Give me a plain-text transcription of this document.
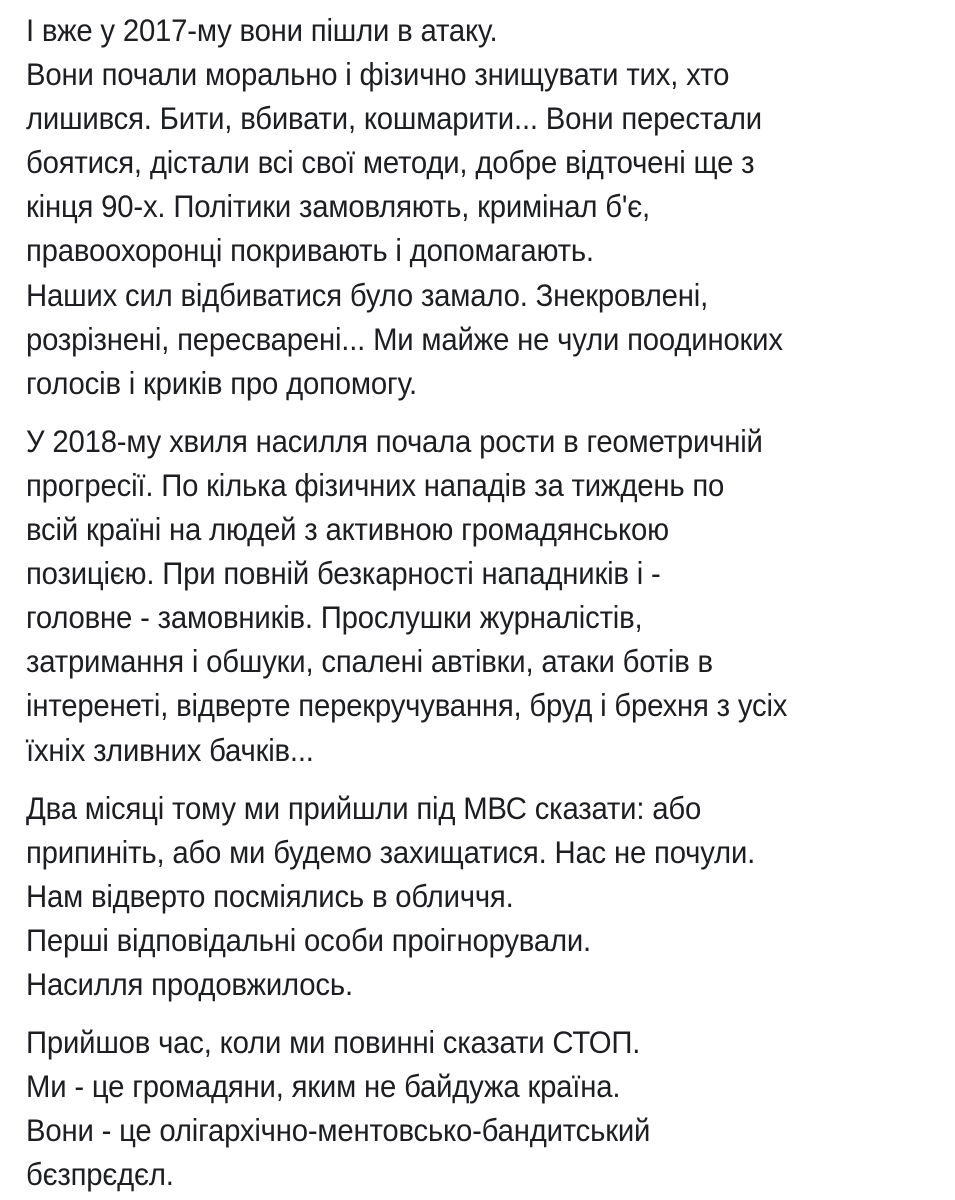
І вже у 2017-му вони пішли в атаку.
Вони почали морально і фізично знищувати тих, хто
лишився. Бити, вбивати, кошмарити... Вони перестали
боятися, дістали всі свої методи, добре відточені ще з
кінця 90-х. Політики замовляють, кримінал б'є,
правоохоронці покривають і допомагають.
Наших сил відбиватися було замало. Знекровлені,
розрізнені, пересварені... Ми майже не чули поодиноких
голосів і криків про допомогу.
У 2018-му хвиля насилля почала рости в геометричній
прогресії. По кілька фізичних нападів за тиждень по
всій країні на людей з активною громадянською
позицією. При повній безкарності нападників і -
головне - замовників. Прослушки журналістів,
затримання і обшуки, спалені автівки, атаки ботів в
інтеренеті, відверте перекручування, бруд і брехня з усіх
їхніх зливних бачків...
Два місяці тому ми прийшли під МВС сказати: або
припиніть, або ми будемо захищатися. Нас не почули.
Нам відверто посміялись в обличчя.
Перші відповідальні особи проігнорували.
Насилля продовжилось.
Прийшов час, коли ми повинні сказати СТОП.
Ми - це громадяни, яким не байдужа країна.
Вони - це олігархічно-ментовсько-бандитський
бєзпрєдєл.
